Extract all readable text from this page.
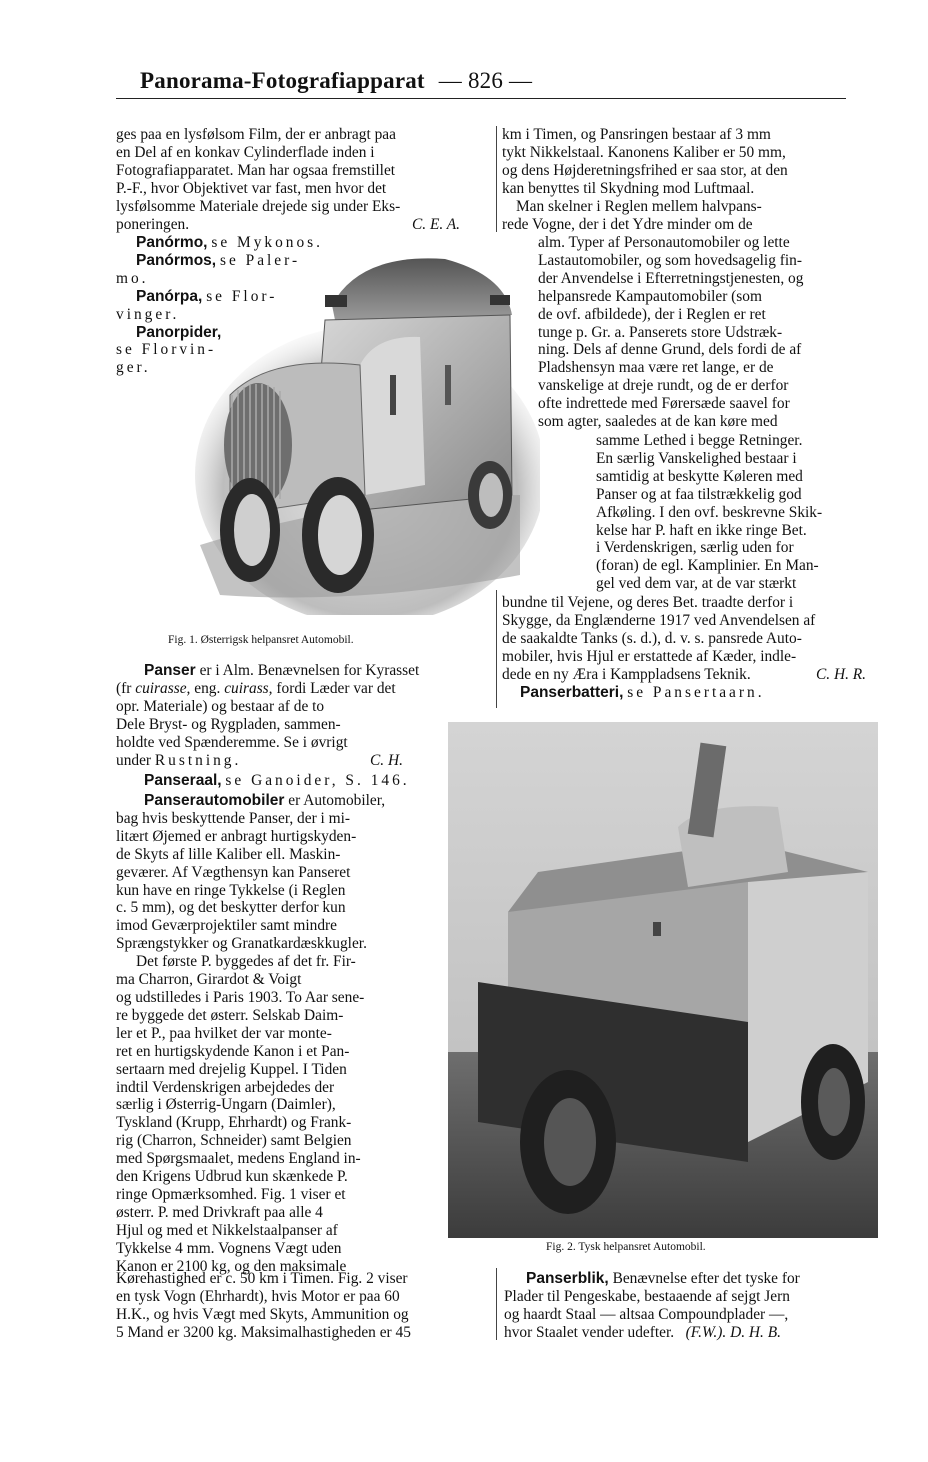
Panorama-Fotografiapparat — 826 —
ges paa en lysfølsom Film, der er anbragt paa
en Del af en konkav Cylinderflade inden i
Fotografiapparatet. Man har ogsaa fremstillet
P.-F., hvor Objektivet var fast, men hvor det
lysfølsomme Materiale drejede sig under Eks-
poneringen.	C. E. A.
Panórmo, se Mykonos.
Panórmos, se Paler-
mo.
Panórpa, se Flor-
vinger.
Panorpider,
se Florvin-
ger.
Fig. 1. Østerrigsk helpansret Automobil.
Panser er i Alm. Benævnelsen for Kyrasset
(fr cuirasse, eng. cuirass, fordi Læder var det
opr. Materiale) og bestaar af de to
Dele Bryst- og Rygpladen, sammen-
holdte ved Spænderemme. Se i øvrigt
under Rustning.	C. H.
Panseraal, se Ganoider, S. 146.
Panserautomobiler er Automobiler,
bag hvis beskyttende Panser, der i mi-
litært Øjemed er anbragt hurtigskyden-
de Skyts af lille Kaliber ell. Maskin-
geværer. Af Vægthensyn kan Panseret
kun have en ringe Tykkelse (i Reglen
c. 5 mm), og det beskytter derfor kun
imod Geværprojektiler samt mindre
Sprængstykker og Granatkardæskkugler.
Det første P. byggedes af det fr. Fir-
ma Charron, Girardot & Voigt
og udstilledes i Paris 1903. To Aar sene-
re byggede det østerr. Selskab Daim-
ler et P., paa hvilket der var monte-
ret en hurtigskydende Kanon i et Pan-
sertaarn med drejelig Kuppel. I Tiden
indtil Verdenskrigen arbejdedes der
særlig i Østerrig-Ungarn (Daimler),
Tyskland (Krupp, Ehrhardt) og Frank-
rig (Charron, Schneider) samt Belgien
med Spørgsmaalet, medens England in-
den Krigens Udbrud kun skænkede P.
ringe Opmærksomhed. Fig. 1 viser et
østerr. P. med Drivkraft paa alle 4
Hjul og med et Nikkelstaalpanser af
Tykkelse 4 mm. Vognens Vægt uden
Kanon er 2100 kg, og den maksimale
Kørehastighed er c. 50 km i Timen. Fig. 2 viser
en tysk Vogn (Ehrhardt), hvis Motor er paa 60
H.K., og hvis Vægt med Skyts, Ammunition og
5 Mand er 3200 kg. Maksimalhastigheden er 45
km i Timen, og Pansringen bestaar af 3 mm
tykt Nikkelstaal. Kanonens Kaliber er 50 mm,
og dens Højderetningsfrihed er saa stor, at den
kan benyttes til Skydning mod Luftmaal.
Man skelner i Reglen mellem halvpans-
rede Vogne, der i det Ydre minder om de
alm. Typer af Personautomobiler og lette
Lastautomobiler, og som hovedsagelig fin-
der Anvendelse i Efterretningstjenesten, og
helpansrede Kampautomobiler (som
de ovf. afbildede), der i Reglen er ret
tunge p. Gr. a. Panserets store Udstræk-
ning. Dels af denne Grund, dels fordi de af
Pladshensyn maa være ret lange, er de
vanskelige at dreje rundt, og de er derfor
ofte indrettede med Førersæde saavel for
som agter, saaledes at de kan køre med
samme Lethed i begge Retninger.
En særlig Vanskelighed bestaar i
samtidig at beskytte Køleren med
Panser og at faa tilstrækkelig god
Afkøling. I den ovf. beskrevne Skik-
kelse har P. haft en ikke ringe Bet.
i Verdenskrigen, særlig uden for
(foran) de egl. Kamplinier. En Man-
gel ved dem var, at de var stærkt
bundne til Vejene, og deres Bet. traadte derfor i
Skygge, da Englænderne 1917 ved Anvendelsen af
de saakaldte Tanks (s. d.), d. v. s. pansrede Auto-
mobiler, hvis Hjul er erstattede af Kæder, indle-
dede en ny Æra i Kamppladsens Teknik.	C. H. R.
Panserbatteri, se Pansertaarn.
Fig. 2. Tysk helpansret Automobil.
Panserblik, Benævnelse efter det tyske for
Plader til Pengeskabe, bestaaende af sejgt Jern
og haardt Staal — altsaa Compoundplader —,
hvor Staalet vender udefter. (F.W.). D. H. B.
